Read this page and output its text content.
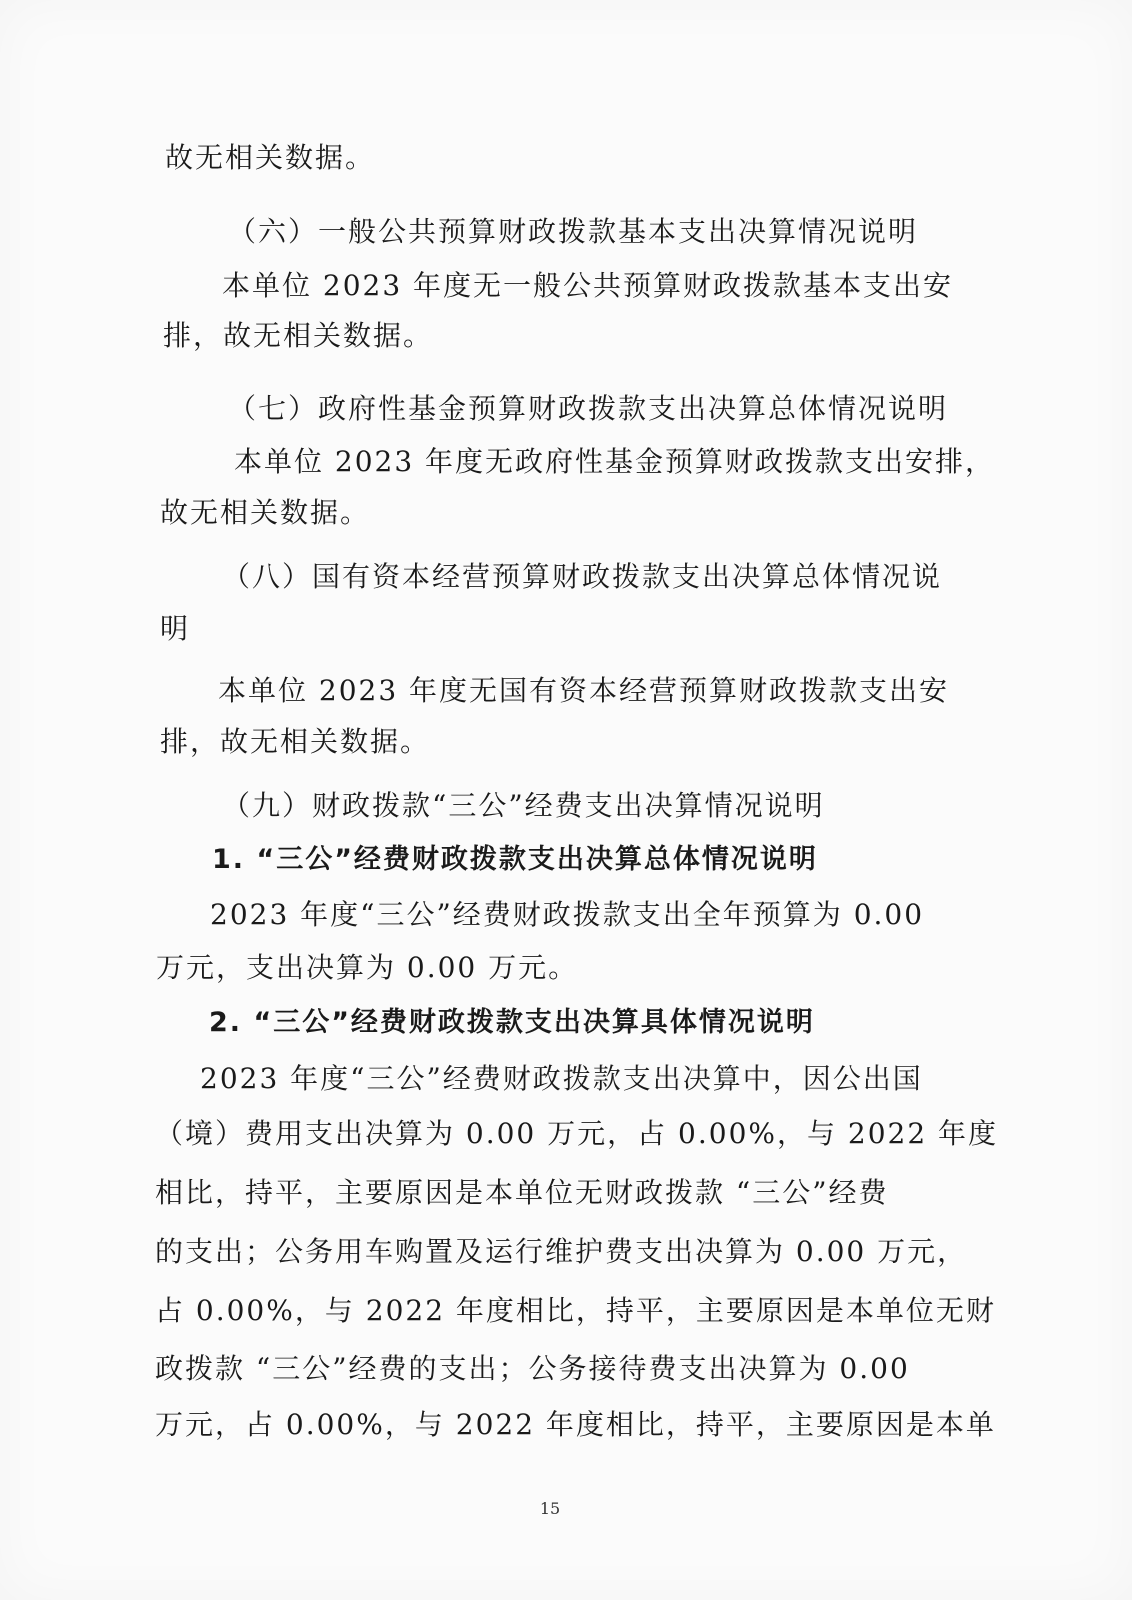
故无相关数据。
（六）一般公共预算财政拨款基本支出决算情况说明
本单位 2023 年度无一般公共预算财政拨款基本支出安
排，故无相关数据。
（七）政府性基金预算财政拨款支出决算总体情况说明
本单位 2023 年度无政府性基金预算财政拨款支出安排，
故无相关数据。
（八）国有资本经营预算财政拨款支出决算总体情况说
明
本单位 2023 年度无国有资本经营预算财政拨款支出安
排，故无相关数据。
（九）财政拨款“三公”经费支出决算情况说明
1. “三公”经费财政拨款支出决算总体情况说明
2023 年度“三公”经费财政拨款支出全年预算为 0.00
万元，支出决算为 0.00 万元。
2. “三公”经费财政拨款支出决算具体情况说明
2023 年度“三公”经费财政拨款支出决算中，因公出国
（境）费用支出决算为 0.00 万元，占 0.00%，与 2022 年度
相比，持平，主要原因是本单位无财政拨款 “三公”经费
的支出；公务用车购置及运行维护费支出决算为 0.00 万元，
占 0.00%，与 2022 年度相比，持平，主要原因是本单位无财
政拨款 “三公”经费的支出；公务接待费支出决算为 0.00
万元，占 0.00%，与 2022 年度相比，持平，主要原因是本单
15
